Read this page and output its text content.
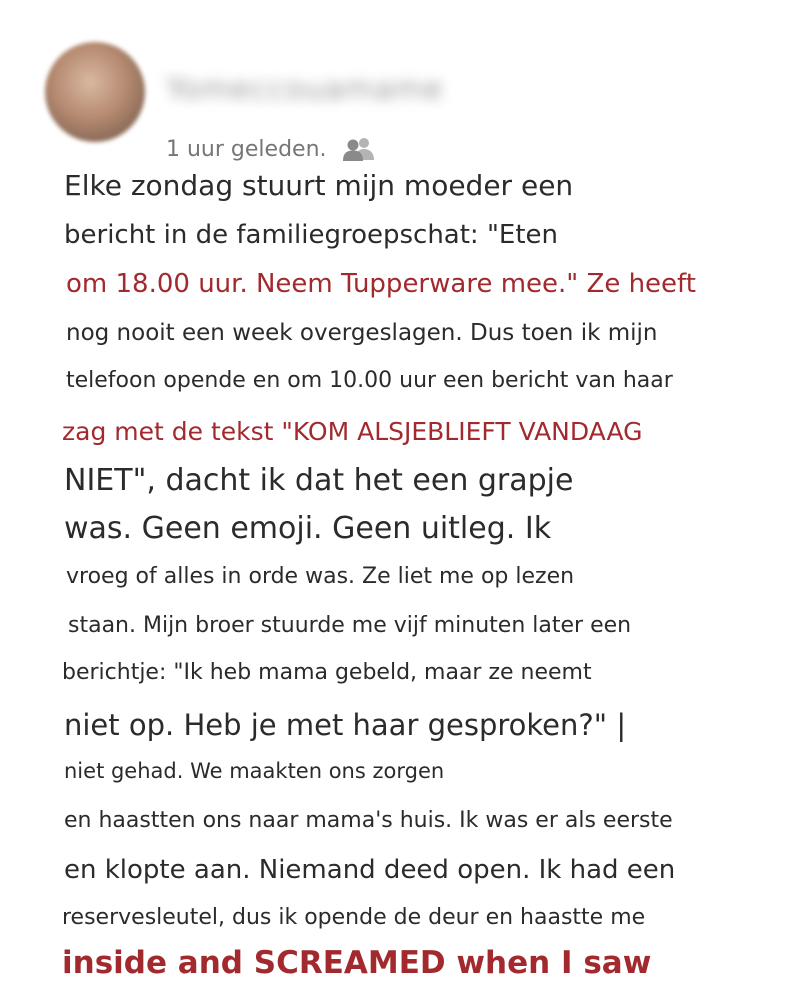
Yomeccouamame
1 uur geleden.
Elke zondag stuurt mijn moeder een
bericht in de familiegroepschat: "Eten
om 18.00 uur. Neem Tupperware mee." Ze heeft
nog nooit een week overgeslagen. Dus toen ik mijn
telefoon opende en om 10.00 uur een bericht van haar
zag met de tekst "KOM ALSJEBLIEFT VANDAAG
NIET", dacht ik dat het een grapje
was. Geen emoji. Geen uitleg. Ik
vroeg of alles in orde was. Ze liet me op lezen
staan. Mijn broer stuurde me vijf minuten later een
berichtje: "Ik heb mama gebeld, maar ze neemt
niet op. Heb je met haar gesproken?" |
niet gehad. We maakten ons zorgen
en haastten ons naar mama's huis. Ik was er als eerste
en klopte aan. Niemand deed open. Ik had een
reservesleutel, dus ik opende de deur en haastte me
inside and SCREAMED when I saw
